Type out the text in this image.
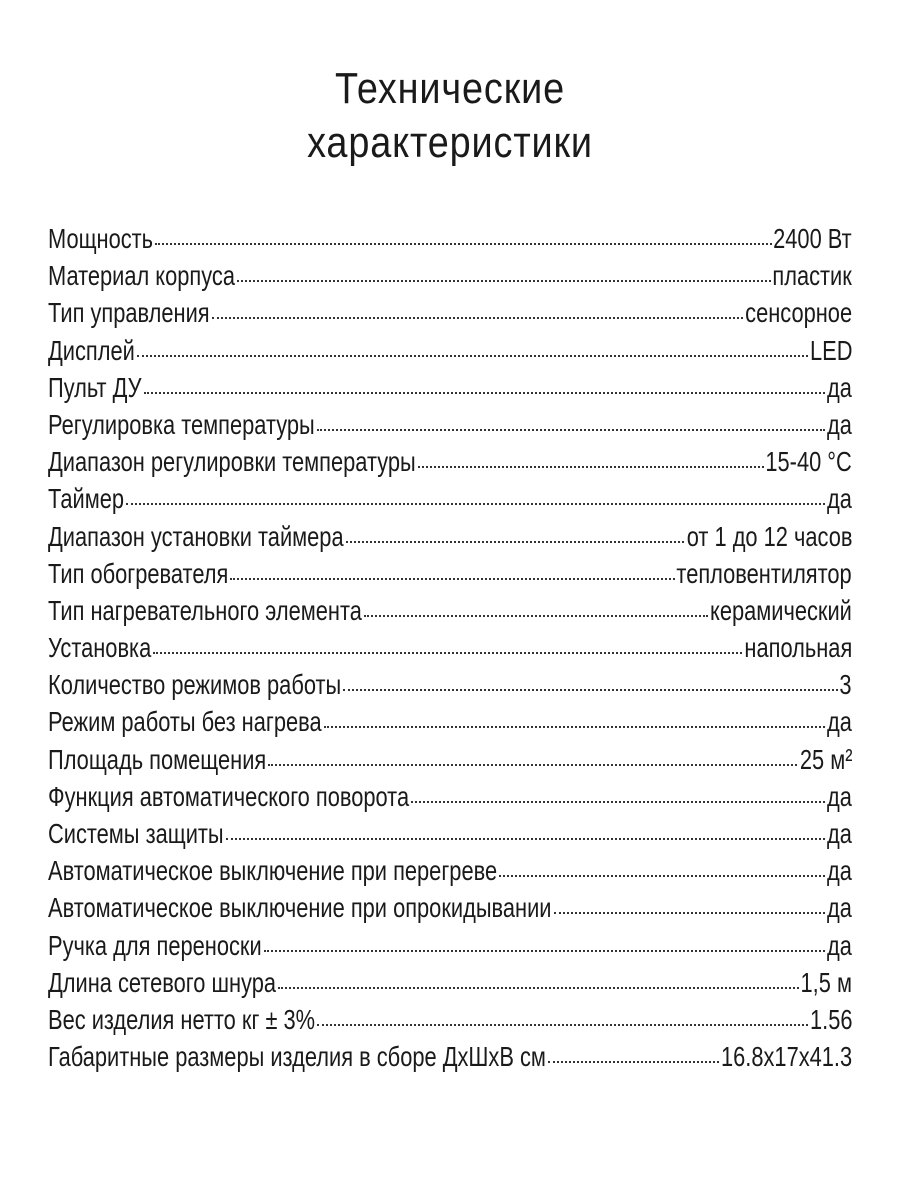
Технические
характеристики
Мощность	2400 Вт
Материал корпуса	пластик
Тип управления	сенсорное
Дисплей	LED
Пульт ДУ	да
Регулировка температуры	да
Диапазон регулировки температуры	15-40 °С
Таймер	да
Диапазон установки таймера	от 1 до 12 часов
Тип обогревателя	тепловентилятор
Тип нагревательного элемента	керамический
Установка	напольная
Количество режимов работы	3
Режим работы без нагрева	да
Площадь помещения	25 м²
Функция автоматического поворота	да
Системы защиты	да
Автоматическое выключение при перегреве	да
Автоматическое выключение при опрокидывании	да
Ручка для переноски	да
Длина сетевого шнура	1,5 м
Вес изделия нетто кг ± 3%	1.56
Габаритные размеры изделия в сборе ДхШхВ см	16.8x17x41.3
